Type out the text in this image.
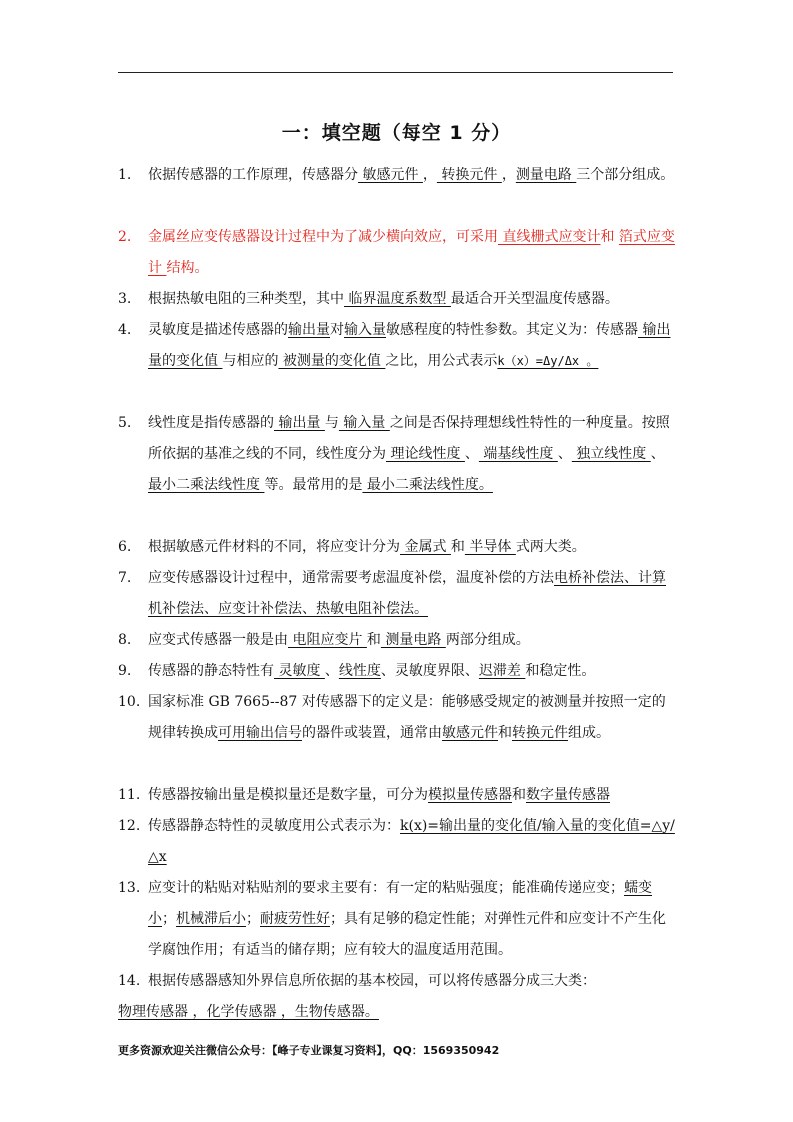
一：填空题（每空 1 分）
1.	依据传感器的工作原理，传感器分 敏感元件 ， 转换元件 ，测量电路 三个部分组成。
2.	金属丝应变传感器设计过程中为了减少横向效应，可采用 直线栅式应变计和 箔式应变计 结构。
3.	根据热敏电阻的三种类型，其中 临界温度系数型 最适合开关型温度传感器。
4.	灵敏度是描述传感器的输出量对输入量敏感程度的特性参数。其定义为：传感器 输出量的变化值 与相应的 被测量的变化值 之比，用公式表示k（x）=Δy/Δx 。
5.	线性度是指传感器的 输出量 与 输入量 之间是否保持理想线性特性的一种度量。按照所依据的基准之线的不同，线性度分为 理论线性度 、 端基线性度 、 独立线性度 、 最小二乘法线性度 等。最常用的是 最小二乘法线性度。
6.	根据敏感元件材料的不同，将应变计分为 金属式 和 半导体 式两大类。
7.	应变传感器设计过程中，通常需要考虑温度补偿，温度补偿的方法电桥补偿法、计算机补偿法、应变计补偿法、热敏电阻补偿法。
8.	应变式传感器一般是由 电阻应变片 和 测量电路 两部分组成。
9.	传感器的静态特性有 灵敏度 、线性度、灵敏度界限、迟滞差 和稳定性。
10. 国家标准 GB 7665--87 对传感器下的定义是：能够感受规定的被测量并按照一定的规律转换成可用输出信号的器件或装置，通常由敏感元件和转换元件组成。
11. 传感器按输出量是模拟量还是数字量，可分为模拟量传感器和数字量传感器
12. 传感器静态特性的灵敏度用公式表示为：k(x)=输出量的变化值/输入量的变化值=△y/△x
13. 应变计的粘贴对粘贴剂的要求主要有：有一定的粘贴强度；能准确传递应变；蠕变小；机械滞后小；耐疲劳性好；具有足够的稳定性能；对弹性元件和应变计不产生化学腐蚀作用；有适当的储存期；应有较大的温度适用范围。
14. 根据传感器感知外界信息所依据的基本校园，可以将传感器分成三大类：
物理传感器 ，化学传感器 ，生物传感器。
更多资源欢迎关注微信公众号：【峰子专业课复习资料】，QQ：1569350942
